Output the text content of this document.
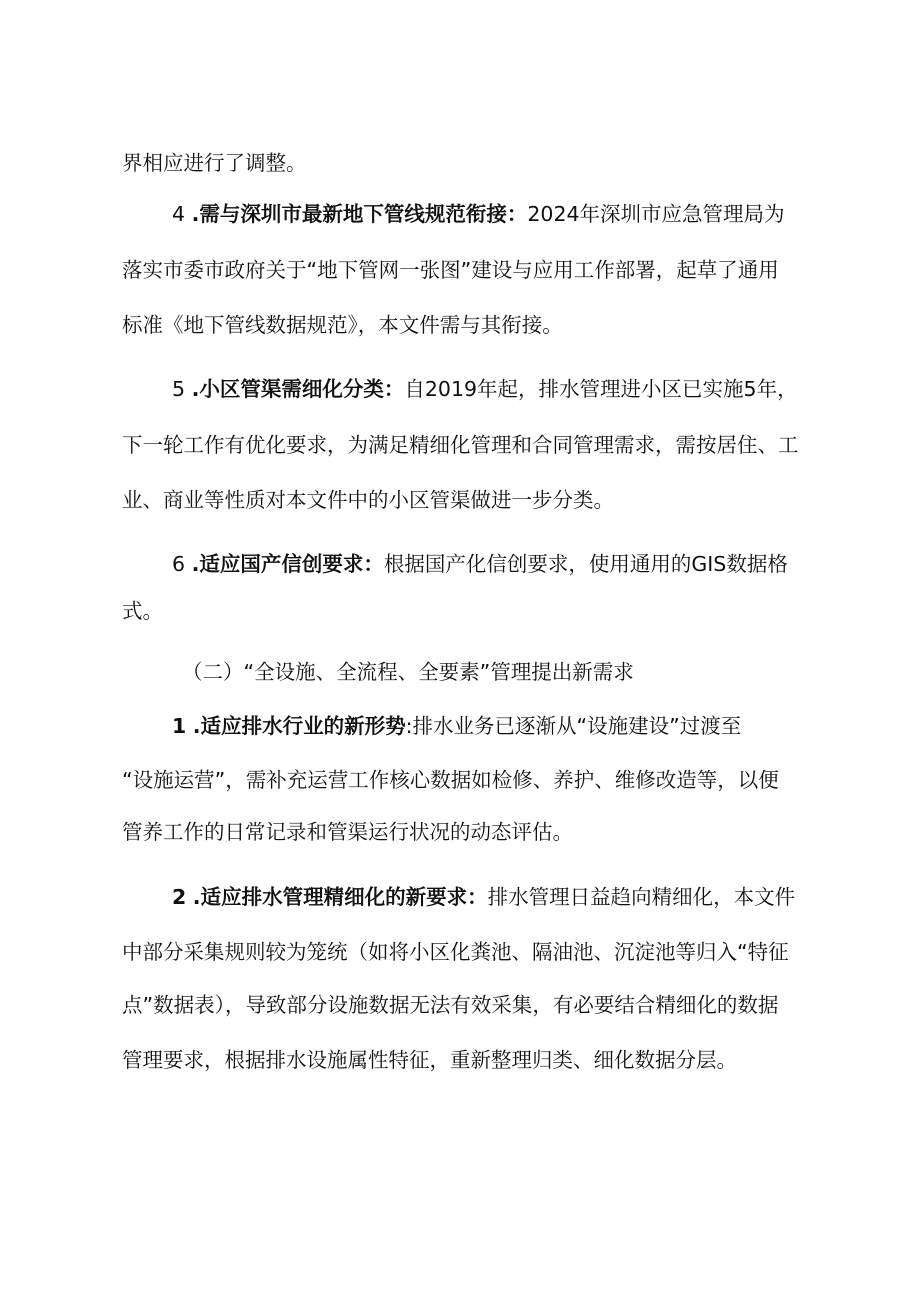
界相应进行了调整。
4 .需与深圳市最新地下管线规范衔接：2024年深圳市应急管理局为
落实市委市政府关于“地下管网一张图”建设与应用工作部署，起草了通用
标准《地下管线数据规范》，本文件需与其衔接。
5 .小区管渠需细化分类：自2019年起，排水管理进小区已实施5年，
下一轮工作有优化要求，为满足精细化管理和合同管理需求，需按居住、工
业、商业等性质对本文件中的小区管渠做进一步分类。
6 .适应国产信创要求：根据国产化信创要求，使用通用的GIS数据格
式。
（二）“全设施、全流程、全要素”管理提出新需求
1 .适应排水行业的新形势:排水业务已逐渐从“设施建设”过渡至
“设施运营”，需补充运营工作核心数据如检修、养护、维修改造等，以便
管养工作的日常记录和管渠运行状况的动态评估。
2 .适应排水管理精细化的新要求：排水管理日益趋向精细化，本文件
中部分采集规则较为笼统（如将小区化粪池、隔油池、沉淀池等归入“特征
点”数据表），导致部分设施数据无法有效采集，有必要结合精细化的数据
管理要求，根据排水设施属性特征，重新整理归类、细化数据分层。
